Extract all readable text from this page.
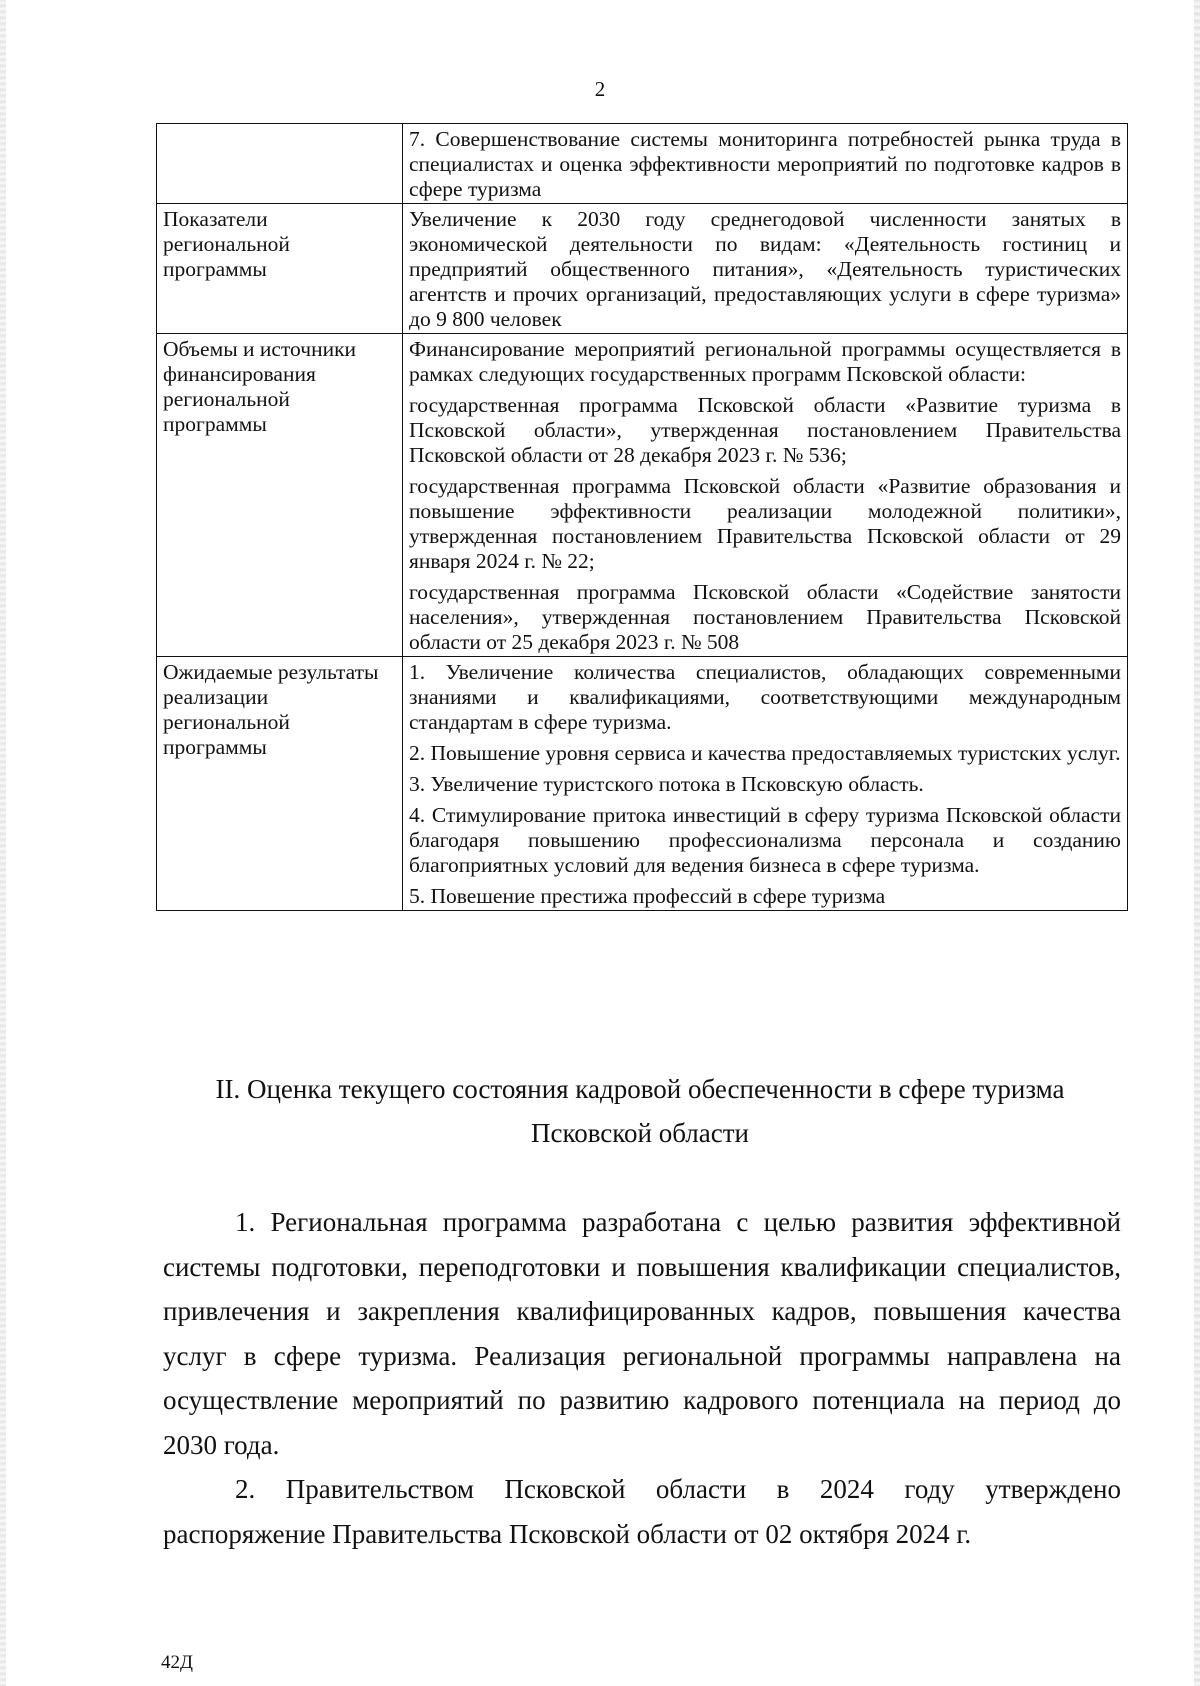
2

	7. Совершенствование системы мониторинга потребностей рынка труда в специалистах и оценка эффективности мероприятий по подготовке кадров в сфере туризма

Показатели региональной программы	Увеличение к 2030 году среднегодовой численности занятых в экономической деятельности по видам: «Деятельность гостиниц и предприятий общественного питания», «Деятельность туристических агентств и прочих организаций, предоставляющих услуги в сфере туризма» до 9 800 человек

Объемы и источники финансирования региональной программы	Финансирование мероприятий региональной программы осуществляется в рамках следующих государственных программ Псковской области:
государственная программа Псковской области «Развитие туризма в Псковской области», утвержденная постановлением Правительства Псковской области от 28 декабря 2023 г. № 536;
государственная программа Псковской области «Развитие образования и повышение эффективности реализации молодежной политики», утвержденная постановлением Правительства Псковской области от 29 января 2024 г. № 22;
государственная программа Псковской области «Содействие занятости населения», утвержденная постановлением Правительства Псковской области от 25 декабря 2023 г. № 508

Ожидаемые результаты реализации региональной программы	1. Увеличение количества специалистов, обладающих современными знаниями и квалификациями, соответствующими международным стандартам в сфере туризма.
2. Повышение уровня сервиса и качества предоставляемых туристских услуг.
3. Увеличение туристского потока в Псковскую область.
4. Стимулирование притока инвестиций в сферу туризма Псковской области благодаря повышению профессионализма персонала и созданию благоприятных условий для ведения бизнеса в сфере туризма.
5. Повешение престижа профессий в сфере туризма
II. Оценка текущего состояния кадровой обеспеченности в сфере туризма
Псковской области

1. Региональная программа разработана с целью развития эффективной системы подготовки, переподготовки и повышения квалификации специалистов, привлечения и закрепления квалифицированных кадров, повышения качества услуг в сфере туризма. Реализация региональной программы направлена на осуществление мероприятий по развитию кадрового потенциала на период до 2030 года.

2. Правительством Псковской области в 2024 году утверждено распоряжение Правительства Псковской области от 02 октября 2024 г.

42Д
